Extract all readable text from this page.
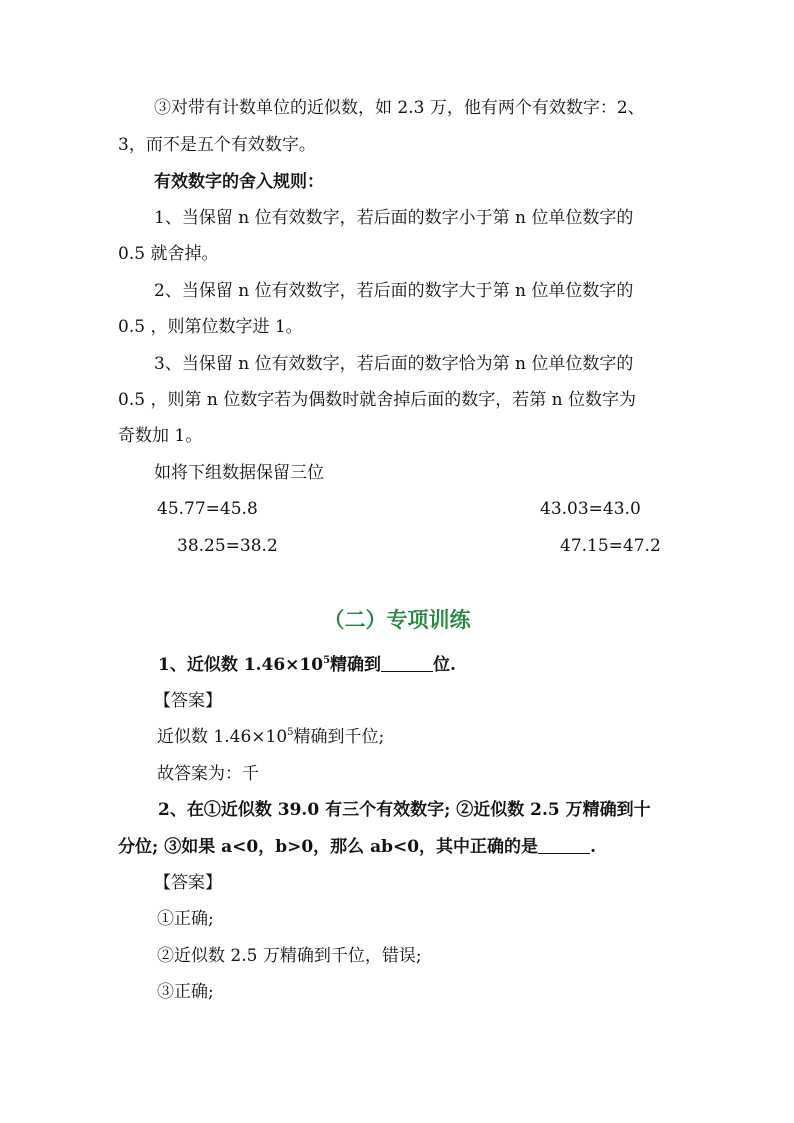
③对带有计数单位的近似数，如 2.3 万，他有两个有效数字：2、
3，而不是五个有效数字。
有效数字的舍入规则：
1、当保留 n 位有效数字，若后面的数字小于第 n 位单位数字的
0.5 就舍掉。
2、当保留 n 位有效数字，若后面的数字大于第 n 位单位数字的
0.5 ，则第位数字进 1。
3、当保留 n 位有效数字，若后面的数字恰为第 n 位单位数字的
0.5 ，则第 n 位数字若为偶数时就舍掉后面的数字，若第 n 位数字为
奇数加 1。
如将下组数据保留三位
45.77=45.8	43.03=43.0
38.25=38.2	47.15=47.2
（二）专项训练
1、近似数 $1.46\times 10^5$精确到	位.
【答案】
近似数 $1.46\times 10^5$精确到千位;
故答案为：千
2、在①近似数 39.0 有三个有效数字; ②近似数 2.5 万精确到十
分位; ③如果 a<0，b>0，那么 ab<0，其中正确的是	.
【答案】
①正确;
②近似数 2.5 万精确到千位，错误;
③正确;
